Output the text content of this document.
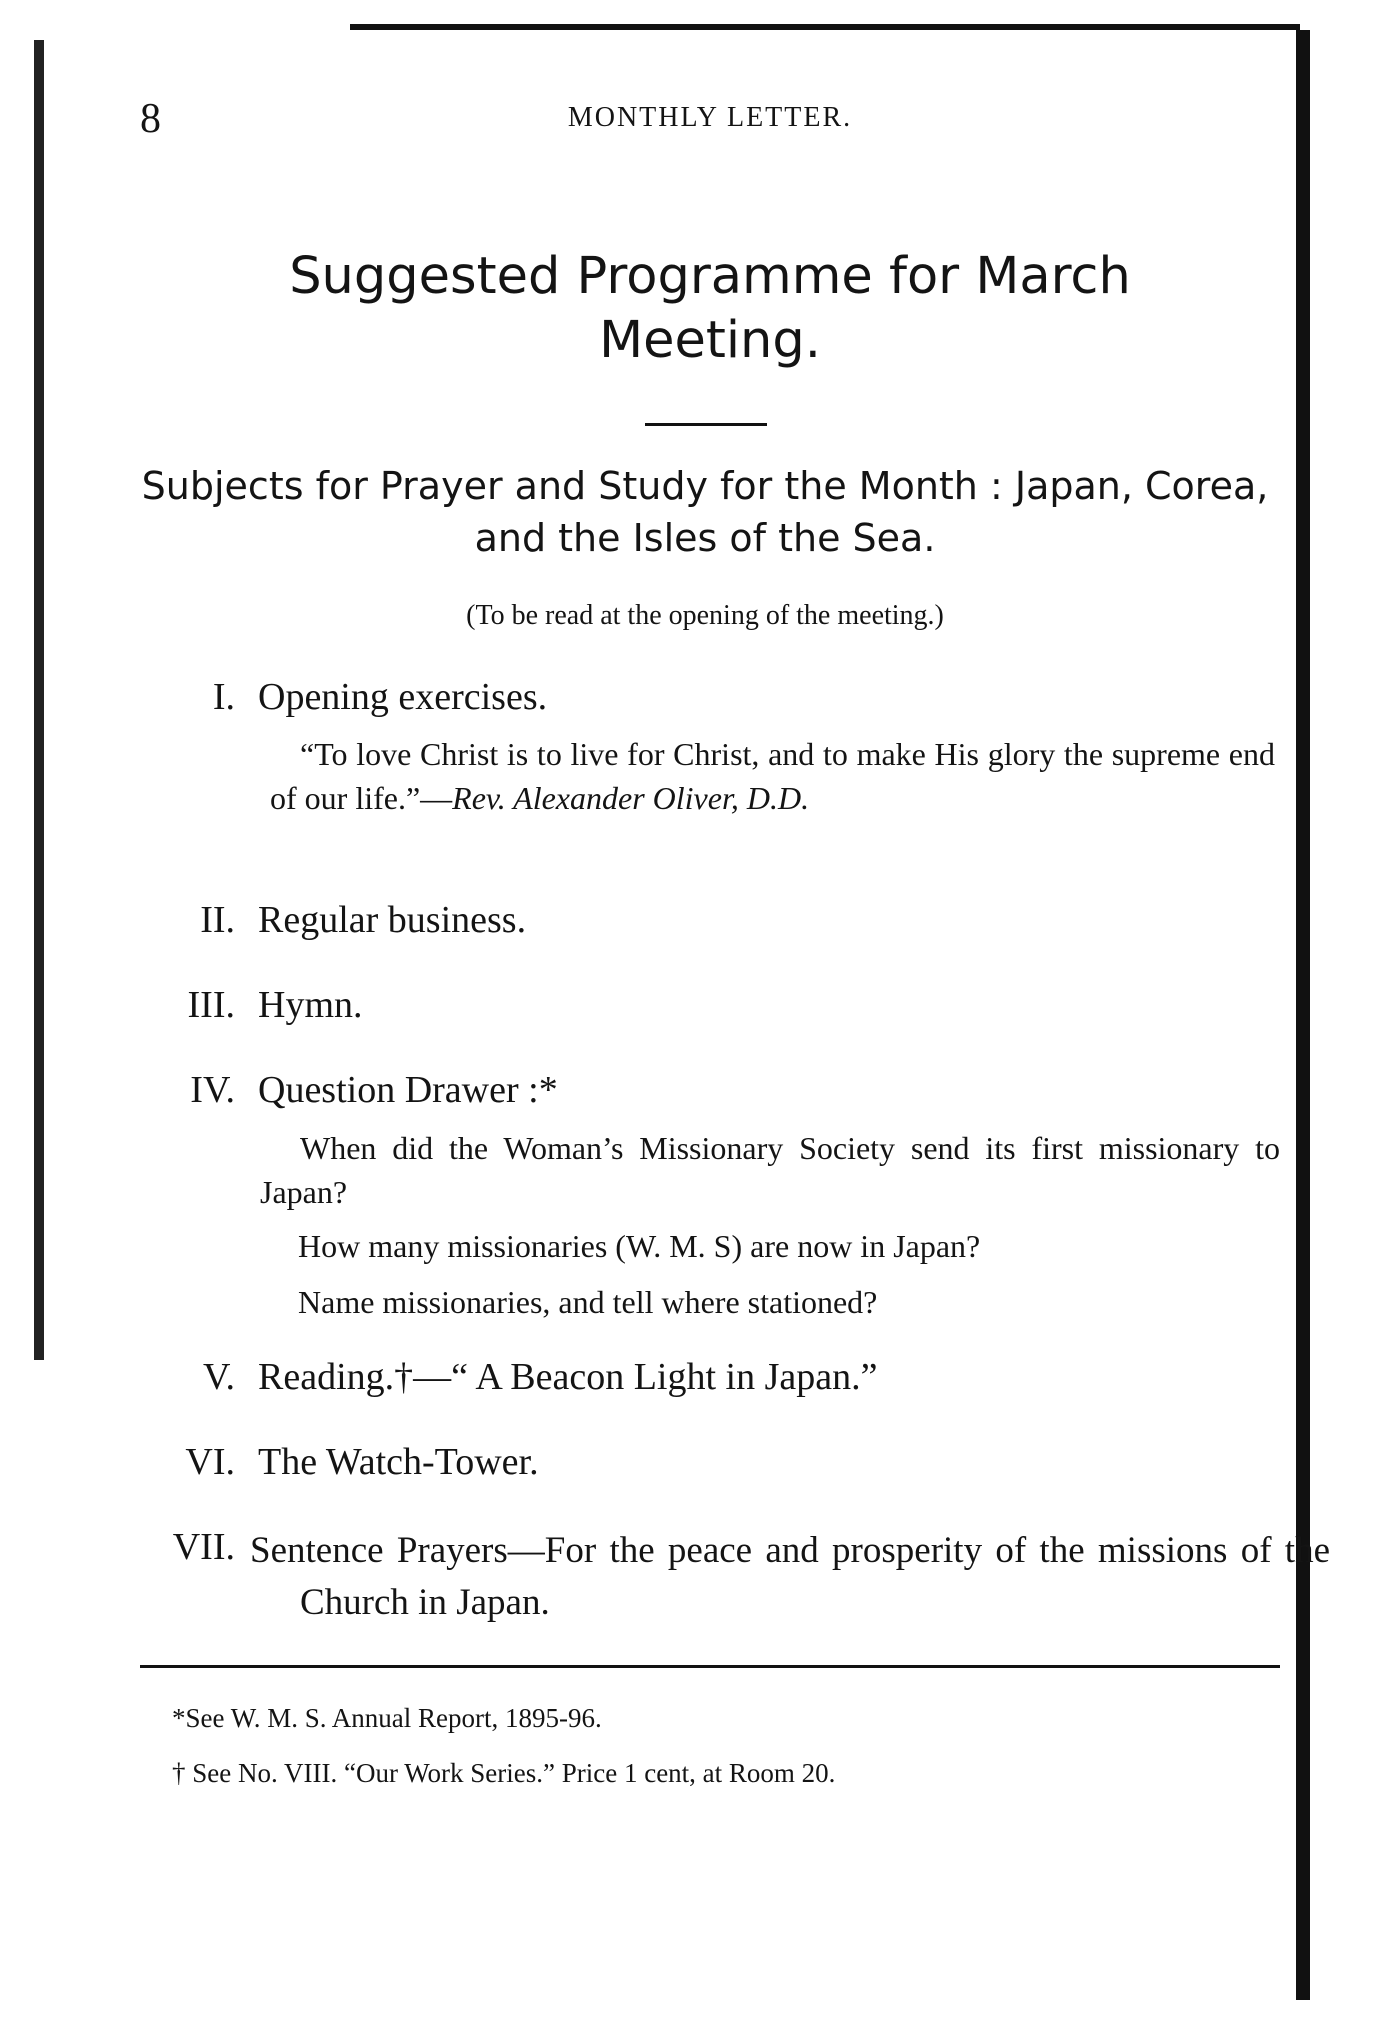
8	MONTHLY LETTER.
Suggested Programme for March Meeting.
Subjects for Prayer and Study for the Month : Japan, Corea, and the Isles of the Sea.
(To be read at the opening of the meeting.)
I. Opening exercises.
“To love Christ is to live for Christ, and to make His glory the supreme end of our life.”—Rev. Alexander Oliver, D.D.
II. Regular business.
III. Hymn.
IV. Question Drawer :*
When did the Woman’s Missionary Society send its first missionary to Japan?
How many missionaries (W. M. S) are now in Japan?
Name missionaries, and tell where stationed?
V. Reading.†—“ A Beacon Light in Japan.”
VI. The Watch-Tower.
VII. Sentence Prayers—For the peace and prosperity of the missions of the Church in Japan.
*See W. M. S. Annual Report, 1895-96.
† See No. VIII. “Our Work Series.” Price 1 cent, at Room 20.
